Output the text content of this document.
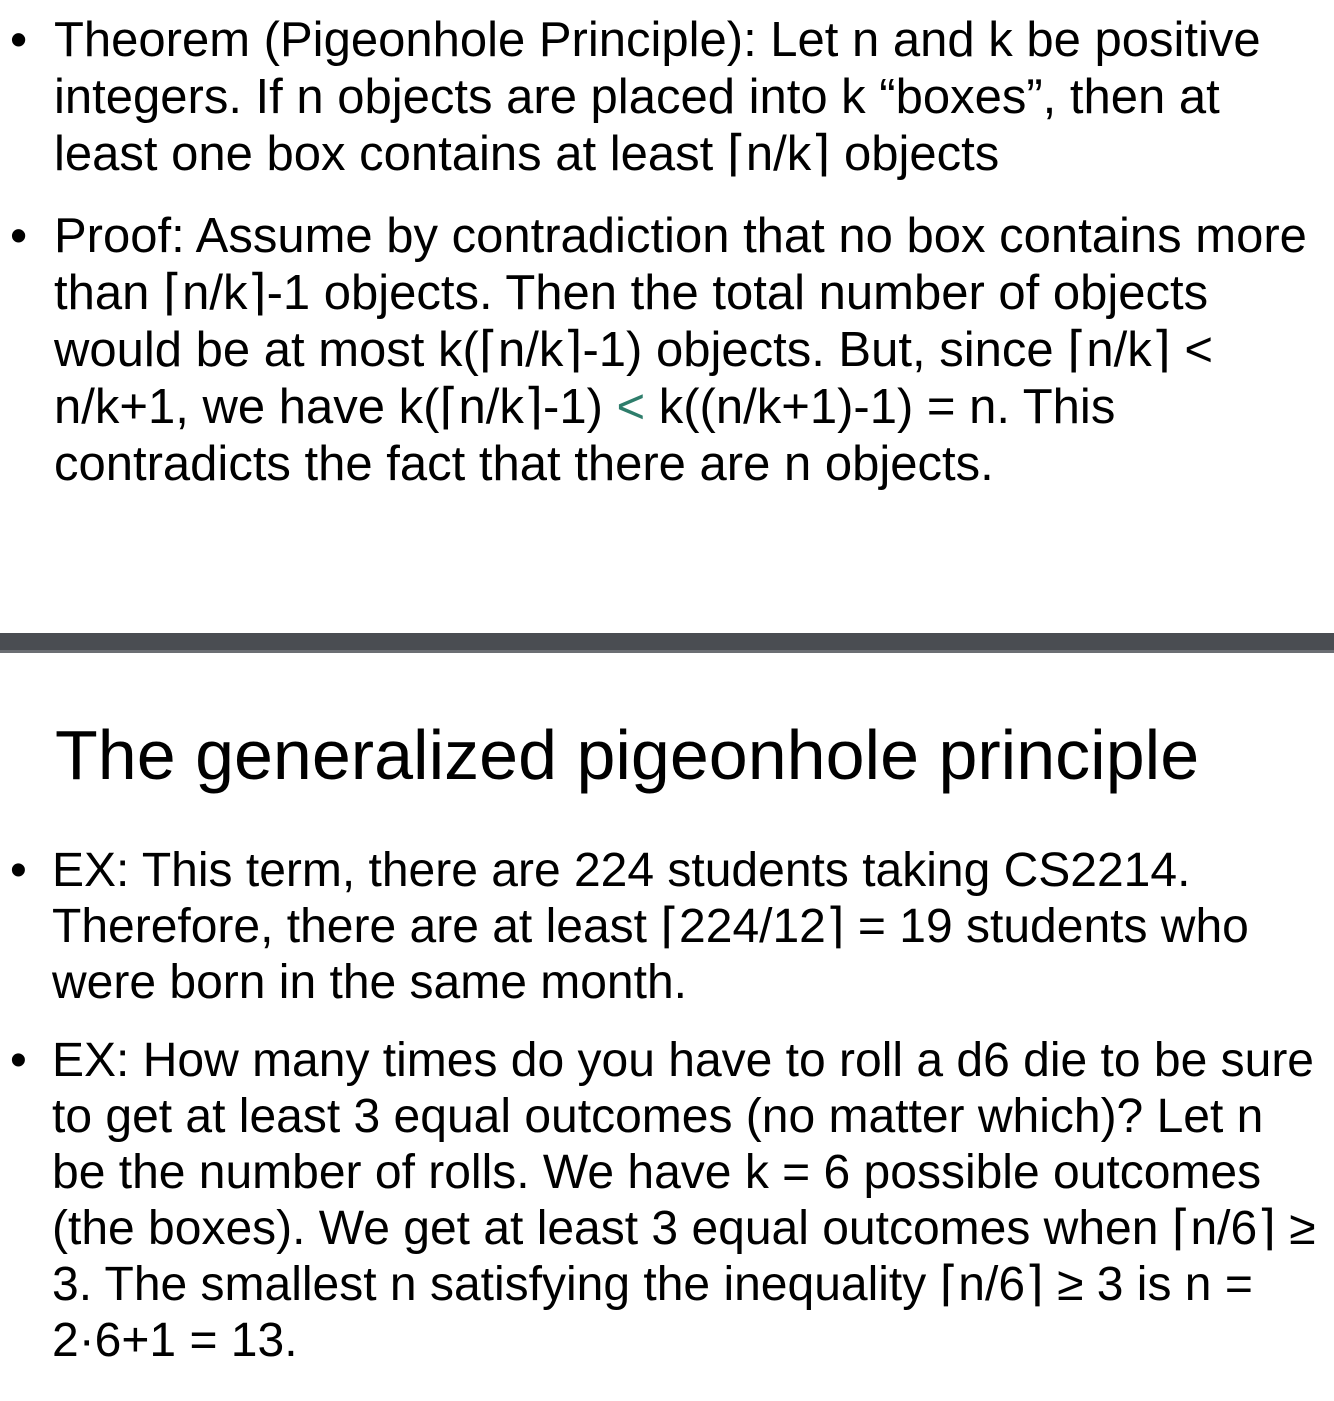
• Theorem (Pigeonhole Principle): Let n and k be positive integers. If n objects are placed into k “boxes”, then at least one box contains at least ⌈n/k⌉ objects
• Proof: Assume by contradiction that no box contains more than ⌈n/k⌉-1 objects. Then the total number of objects would be at most k(⌈n/k⌉-1) objects. But, since ⌈n/k⌉ < n/k+1, we have k(⌈n/k⌉-1) < k((n/k+1)-1) = n. This contradicts the fact that there are n objects.
The generalized pigeonhole principle
• EX: This term, there are 224 students taking CS2214. Therefore, there are at least ⌈224/12⌉ = 19 students who were born in the same month.
• EX: How many times do you have to roll a d6 die to be sure to get at least 3 equal outcomes (no matter which)? Let n be the number of rolls. We have k = 6 possible outcomes (the boxes). We get at least 3 equal outcomes when ⌈n/6⌉ ≥ 3. The smallest n satisfying the inequality ⌈n/6⌉ ≥ 3 is n = 2·6+1 = 13.
